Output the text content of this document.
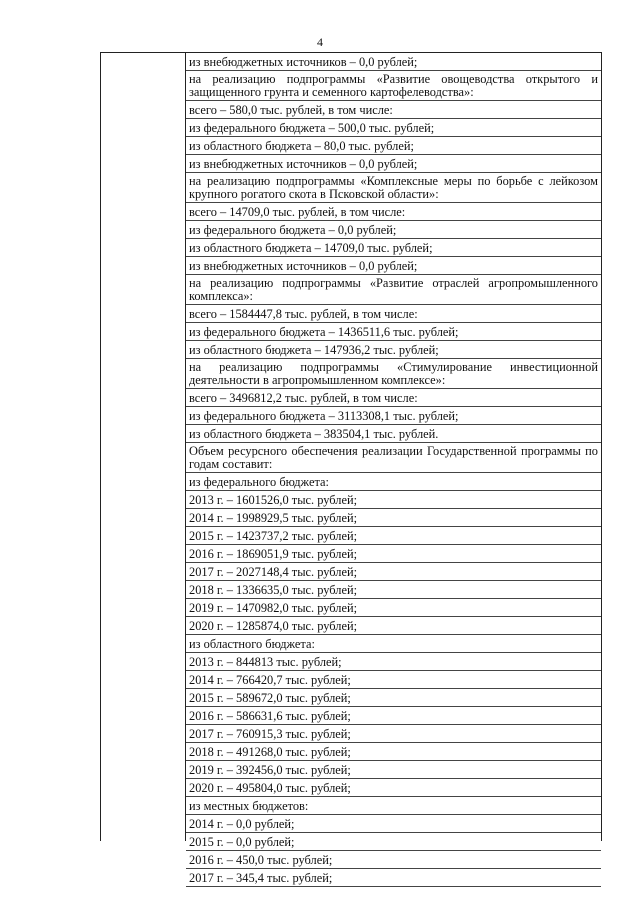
4
из внебюджетных источников – 0,0 рублей;
на реализацию подпрограммы «Развитие овощеводства открытого и защищенного грунта и семенного картофелеводства»:
всего – 580,0 тыс. рублей, в том числе:
из федерального бюджета – 500,0 тыс. рублей;
из областного бюджета – 80,0 тыс. рублей;
из внебюджетных источников – 0,0 рублей;
на реализацию подпрограммы «Комплексные меры по борьбе с лейкозом крупного рогатого скота в Псковской области»:
всего – 14709,0 тыс. рублей, в том числе:
из федерального бюджета – 0,0 рублей;
из областного бюджета – 14709,0 тыс. рублей;
из внебюджетных источников – 0,0 рублей;
на реализацию подпрограммы «Развитие отраслей агропромышленного комплекса»:
всего – 1584447,8 тыс. рублей, в том числе:
из федерального бюджета – 1436511,6 тыс. рублей;
из областного бюджета – 147936,2 тыс. рублей;
на реализацию подпрограммы «Стимулирование инвестиционной деятельности в агропромышленном комплексе»:
всего – 3496812,2 тыс. рублей, в том числе:
из федерального бюджета – 3113308,1 тыс. рублей;
из областного бюджета – 383504,1 тыс. рублей.
Объем ресурсного обеспечения реализации Государственной программы по годам составит:
из федерального бюджета:
2013 г. – 1601526,0 тыс. рублей;
2014 г. – 1998929,5 тыс. рублей;
2015 г. – 1423737,2 тыс. рублей;
2016 г. – 1869051,9 тыс. рублей;
2017 г. – 2027148,4 тыс. рублей;
2018 г. – 1336635,0 тыс. рублей;
2019 г. – 1470982,0 тыс. рублей;
2020 г. – 1285874,0 тыс. рублей;
из областного бюджета:
2013 г. – 844813 тыс. рублей;
2014 г. – 766420,7 тыс. рублей;
2015 г. – 589672,0 тыс. рублей;
2016 г. – 586631,6 тыс. рублей;
2017 г. – 760915,3 тыс. рублей;
2018 г. – 491268,0 тыс. рублей;
2019 г. – 392456,0 тыс. рублей;
2020 г. – 495804,0 тыс. рублей;
из местных бюджетов:
2014 г. – 0,0 рублей;
2015 г. – 0,0 рублей;
2016 г. – 450,0 тыс. рублей;
2017 г. – 345,4 тыс. рублей;
